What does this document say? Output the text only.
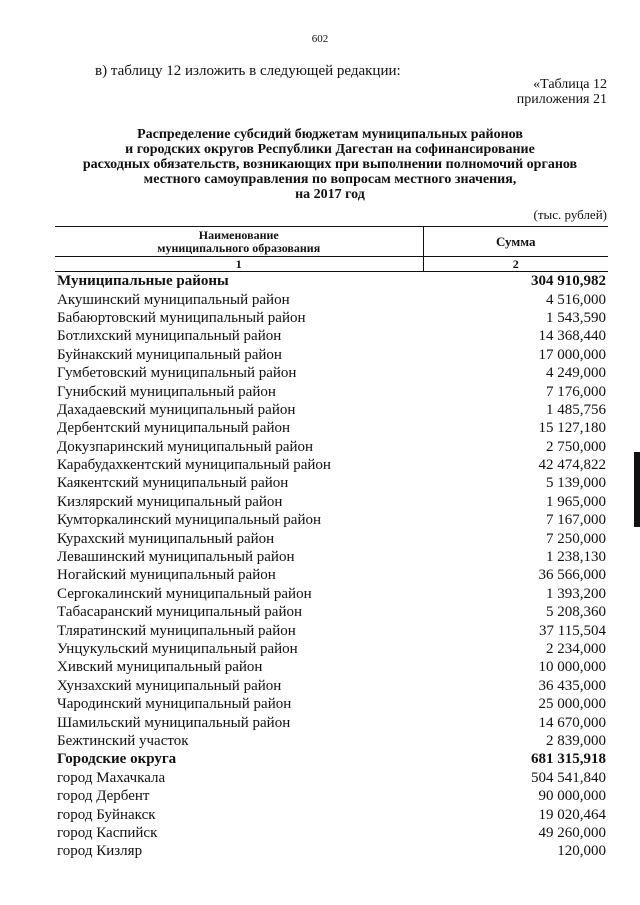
602
в) таблицу 12 изложить в следующей редакции:
«Таблица 12
приложения 21
Распределение субсидий бюджетам муниципальных районов
и городских округов Республики Дагестан на софинансирование
расходных обязательств, возникающих при выполнении полномочий органов
местного самоуправления по вопросам местного значения,
на 2017 год
(тыс. рублей)
Наименование
муниципального образования	Сумма
1	2
Муниципальные районы	304 910,982
Акушинский муниципальный район	4 516,000
Бабаюртовский муниципальный район	1 543,590
Ботлихский муниципальный район	14 368,440
Буйнакский муниципальный район	17 000,000
Гумбетовский муниципальный район	4 249,000
Гунибский муниципальный район	7 176,000
Дахадаевский муниципальный район	1 485,756
Дербентский муниципальный район	15 127,180
Докузпаринский муниципальный район	2 750,000
Карабудахкентский муниципальный район	42 474,822
Каякентский муниципальный район	5 139,000
Кизлярский муниципальный район	1 965,000
Кумторкалинский муниципальный район	7 167,000
Курахский муниципальный район	7 250,000
Левашинский муниципальный район	1 238,130
Ногайский муниципальный район	36 566,000
Сергокалинский муниципальный район	1 393,200
Табасаранский муниципальный район	5 208,360
Тляратинский муниципальный район	37 115,504
Унцукульский муниципальный район	2 234,000
Хивский муниципальный район	10 000,000
Хунзахский муниципальный район	36 435,000
Чародинский муниципальный район	25 000,000
Шамильский муниципальный район	14 670,000
Бежтинский участок	2 839,000
Городские округа	681 315,918
город Махачкала	504 541,840
город Дербент	90 000,000
город Буйнакск	19 020,464
город Каспийск	49 260,000
город Кизляр	120,000
